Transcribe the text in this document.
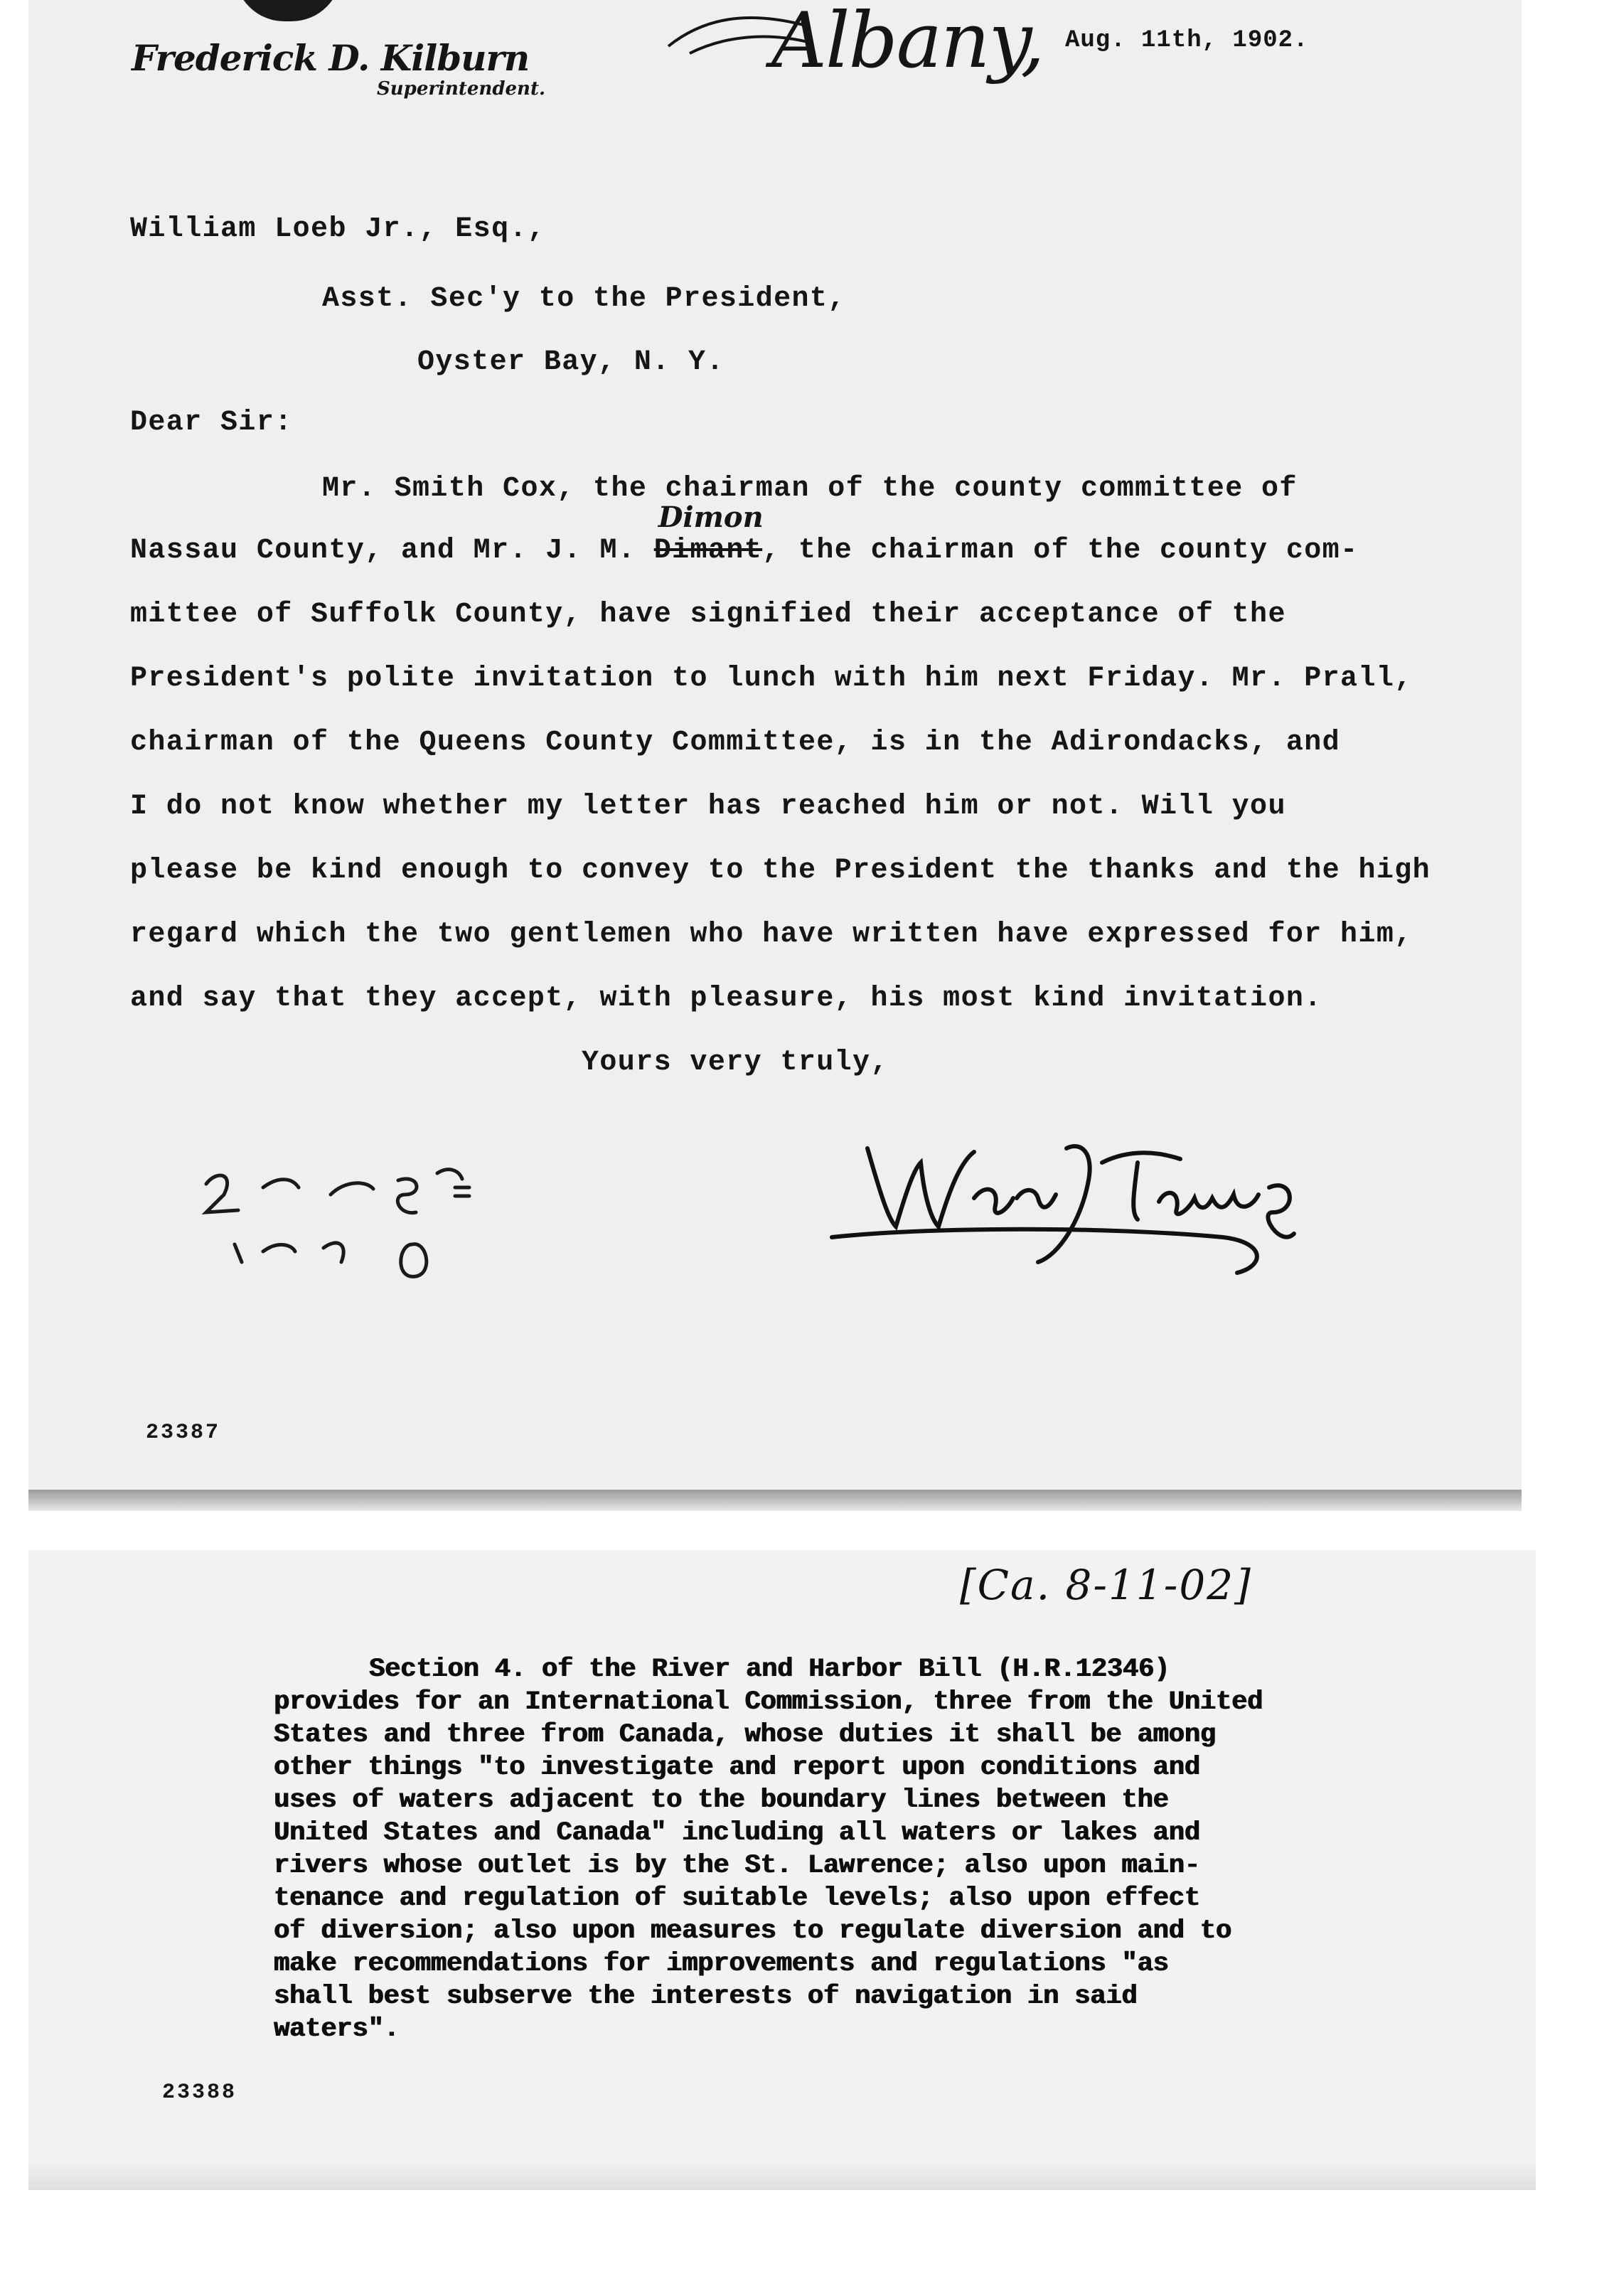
Frederick D. Kilburn
Superintendent.
Albany, Aug. 11th, 1902.
William Loeb Jr., Esq.,
Asst. Sec'y to the President,
Oyster Bay, N. Y.
Dear Sir:
Mr. Smith Cox, the chairman of the county committee of
Nassau County, and Mr. J. M. Dimant
Dimon
, the chairman of the county com-
mittee of Suffolk County, have signified their acceptance of the
President's polite invitation to lunch with him next Friday. Mr. Prall,
chairman of the Queens County Committee, is in the Adirondacks, and
I do not know whether my letter has reached him or not. Will you
please be kind enough to convey to the President the thanks and the high
regard which the two gentlemen who have written have expressed for him,
and say that they accept, with pleasure, his most kind invitation.
Yours very truly,
23387
[Ca. 8-11-02]
Section 4. of the River and Harbor Bill (H.R.12346)
provides for an International Commission, three from the United
States and three from Canada, whose duties it shall be among
other things "to investigate and report upon conditions and
uses of waters adjacent to the boundary lines between the
United States and Canada" including all waters or lakes and
rivers whose outlet is by the St. Lawrence; also upon main-
tenance and regulation of suitable levels; also upon effect
of diversion; also upon measures to regulate diversion and to
make recommendations for improvements and regulations "as
shall best subserve the interests of navigation in said
waters".
23388
